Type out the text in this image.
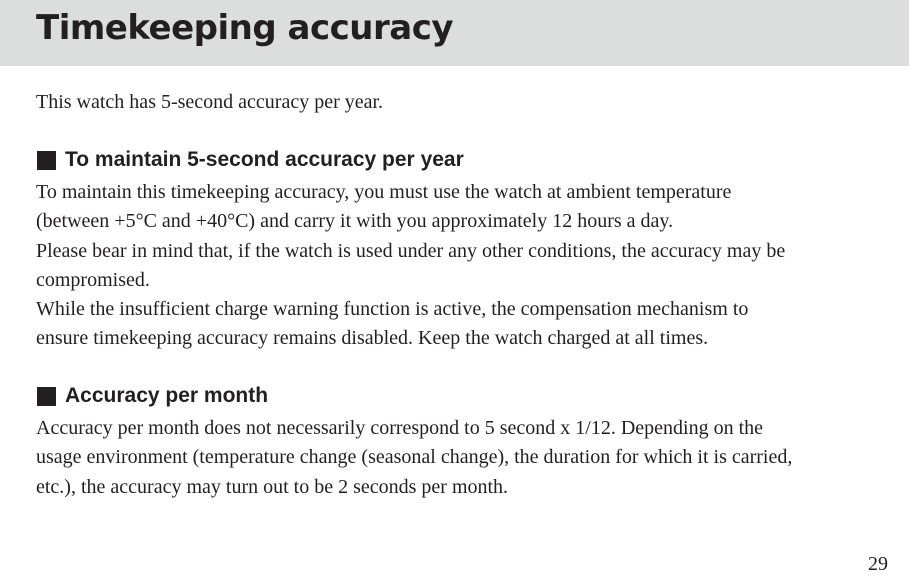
Timekeeping accuracy

This watch has 5-second accuracy per year.

To maintain 5-second accuracy per year

To maintain this timekeeping accuracy, you must use the watch at ambient temperature
(between +5°C and +40°C) and carry it with you approximately 12 hours a day.

Please bear in mind that, if the watch is used under any other conditions, the accuracy may be
compromised.

While the insufficient charge warning function is active, the compensation mechanism to
ensure timekeeping accuracy remains disabled. Keep the watch charged at all times.

Accuracy per month

Accuracy per month does not necessarily correspond to 5 second x 1/12. Depending on the
usage environment (temperature change (seasonal change), the duration for which it is carried,
etc.), the accuracy may turn out to be 2 seconds per month.

29
